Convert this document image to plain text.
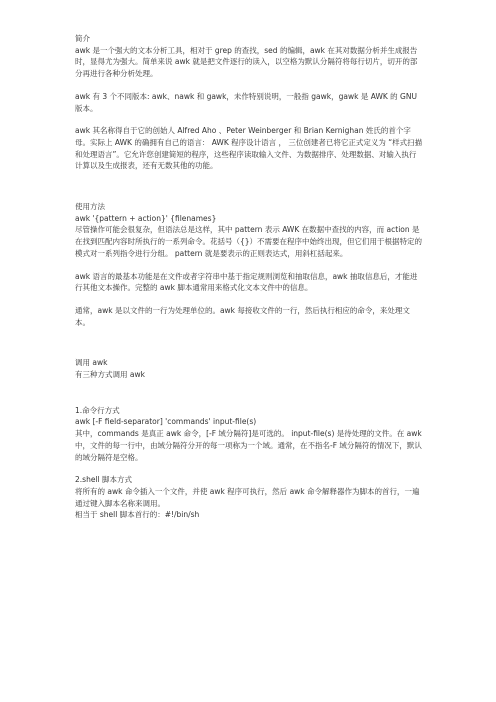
简介

awk 是一个强大的文本分析工具，相对于 grep 的查找，sed 的编辑，awk 在其对数据分析并生成报告时，显得尤为强大。简单来说 awk 就是把文件逐行的读入，以空格为默认分隔符将每行切片，切开的部分再进行各种分析处理。

awk 有 3 个不同版本: awk、nawk 和 gawk，未作特别说明，一般指 gawk，gawk 是 AWK 的 GNU 版本。

awk 其名称得自于它的创始人 Alfred Aho 、Peter Weinberger 和 Brian Kernighan 姓氏的首个字母。实际上 AWK 的确拥有自己的语言： AWK 程序设计语言 ， 三位创建者已将它正式定义为 “样式扫描和处理语言”。它允许您创建简短的程序，这些程序读取输入文件、为数据排序、处理数据、对输入执行计算以及生成报表，还有无数其他的功能。

使用方法

awk '{pattern + action}' {filenames}

尽管操作可能会很复杂，但语法总是这样，其中 pattern 表示 AWK 在数据中查找的内容，而 action 是在找到匹配内容时所执行的一系列命令。花括号（{}）不需要在程序中始终出现，但它们用于根据特定的模式对一系列指令进行分组。 pattern 就是要表示的正则表达式，用斜杠括起来。

awk 语言的最基本功能是在文件或者字符串中基于指定规则浏览和抽取信息，awk 抽取信息后，才能进行其他文本操作。完整的 awk 脚本通常用来格式化文本文件中的信息。

通常，awk 是以文件的一行为处理单位的。awk 每接收文件的一行，然后执行相应的命令，来处理文本。

调用 awk

有三种方式调用 awk

1.命令行方式

awk [-F field-separator] 'commands' input-file(s)

其中，commands 是真正 awk 命令，[-F 域分隔符]是可选的。 input-file(s) 是待处理的文件。在 awk 中，文件的每一行中，由域分隔符分开的每一项称为一个域。通常，在不指名-F 域分隔符的情况下，默认的域分隔符是空格。

2.shell 脚本方式

将所有的 awk 命令插入一个文件，并使 awk 程序可执行，然后 awk 命令解释器作为脚本的首行，一遍通过键入脚本名称来调用。

相当于 shell 脚本首行的：#!/bin/sh
